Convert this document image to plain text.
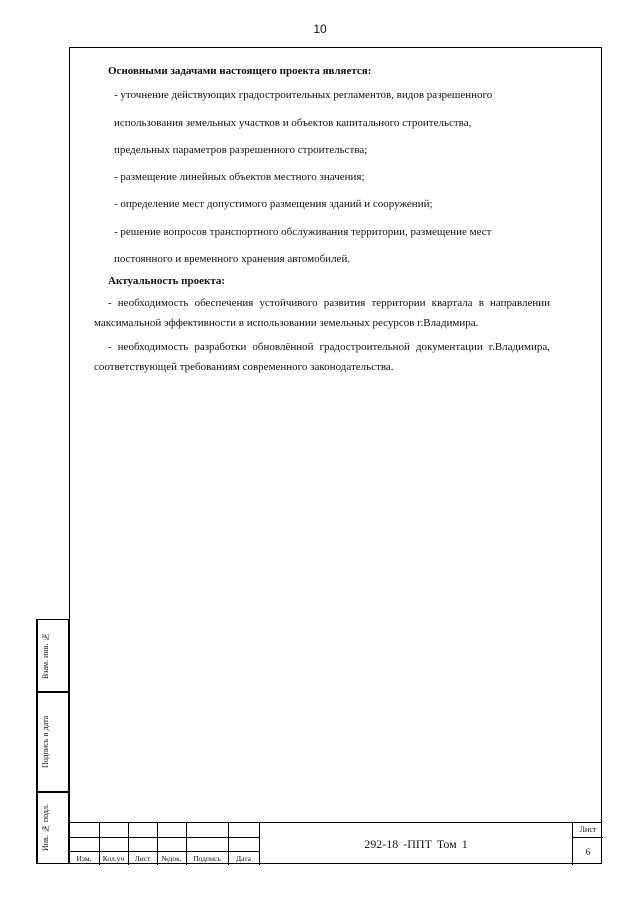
10

Основными задачами настоящего проекта является:

- уточнение действующих градостроительных регламентов, видов разрешенного
использования земельных участков и объектов капитального строительства,
предельных параметров разрешенного строительства;
- размещение линейных объектов местного значения;
- определение мест допустимого размещения зданий и сооружений;
- решение вопросов транспортного обслуживания территории, размещение мест
постоянного и временного хранения автомобилей.

Актуальность проекта:

- необходимость обеспечения устойчивого развития территории квартала в направлении максимальной эффективности в использовании земельных ресурсов г.Владимира.

- необходимость разработки обновлённой градостроительной документации г.Владимира, соответствующей требованиям современного законодательства.

Взам. инв. №
Подпись и дата
Инв. № подл.
Изм.	Кол.уч	Лист	№док.	Подпись	Дата
292-18 -ППТ Том 1
Лист
6
